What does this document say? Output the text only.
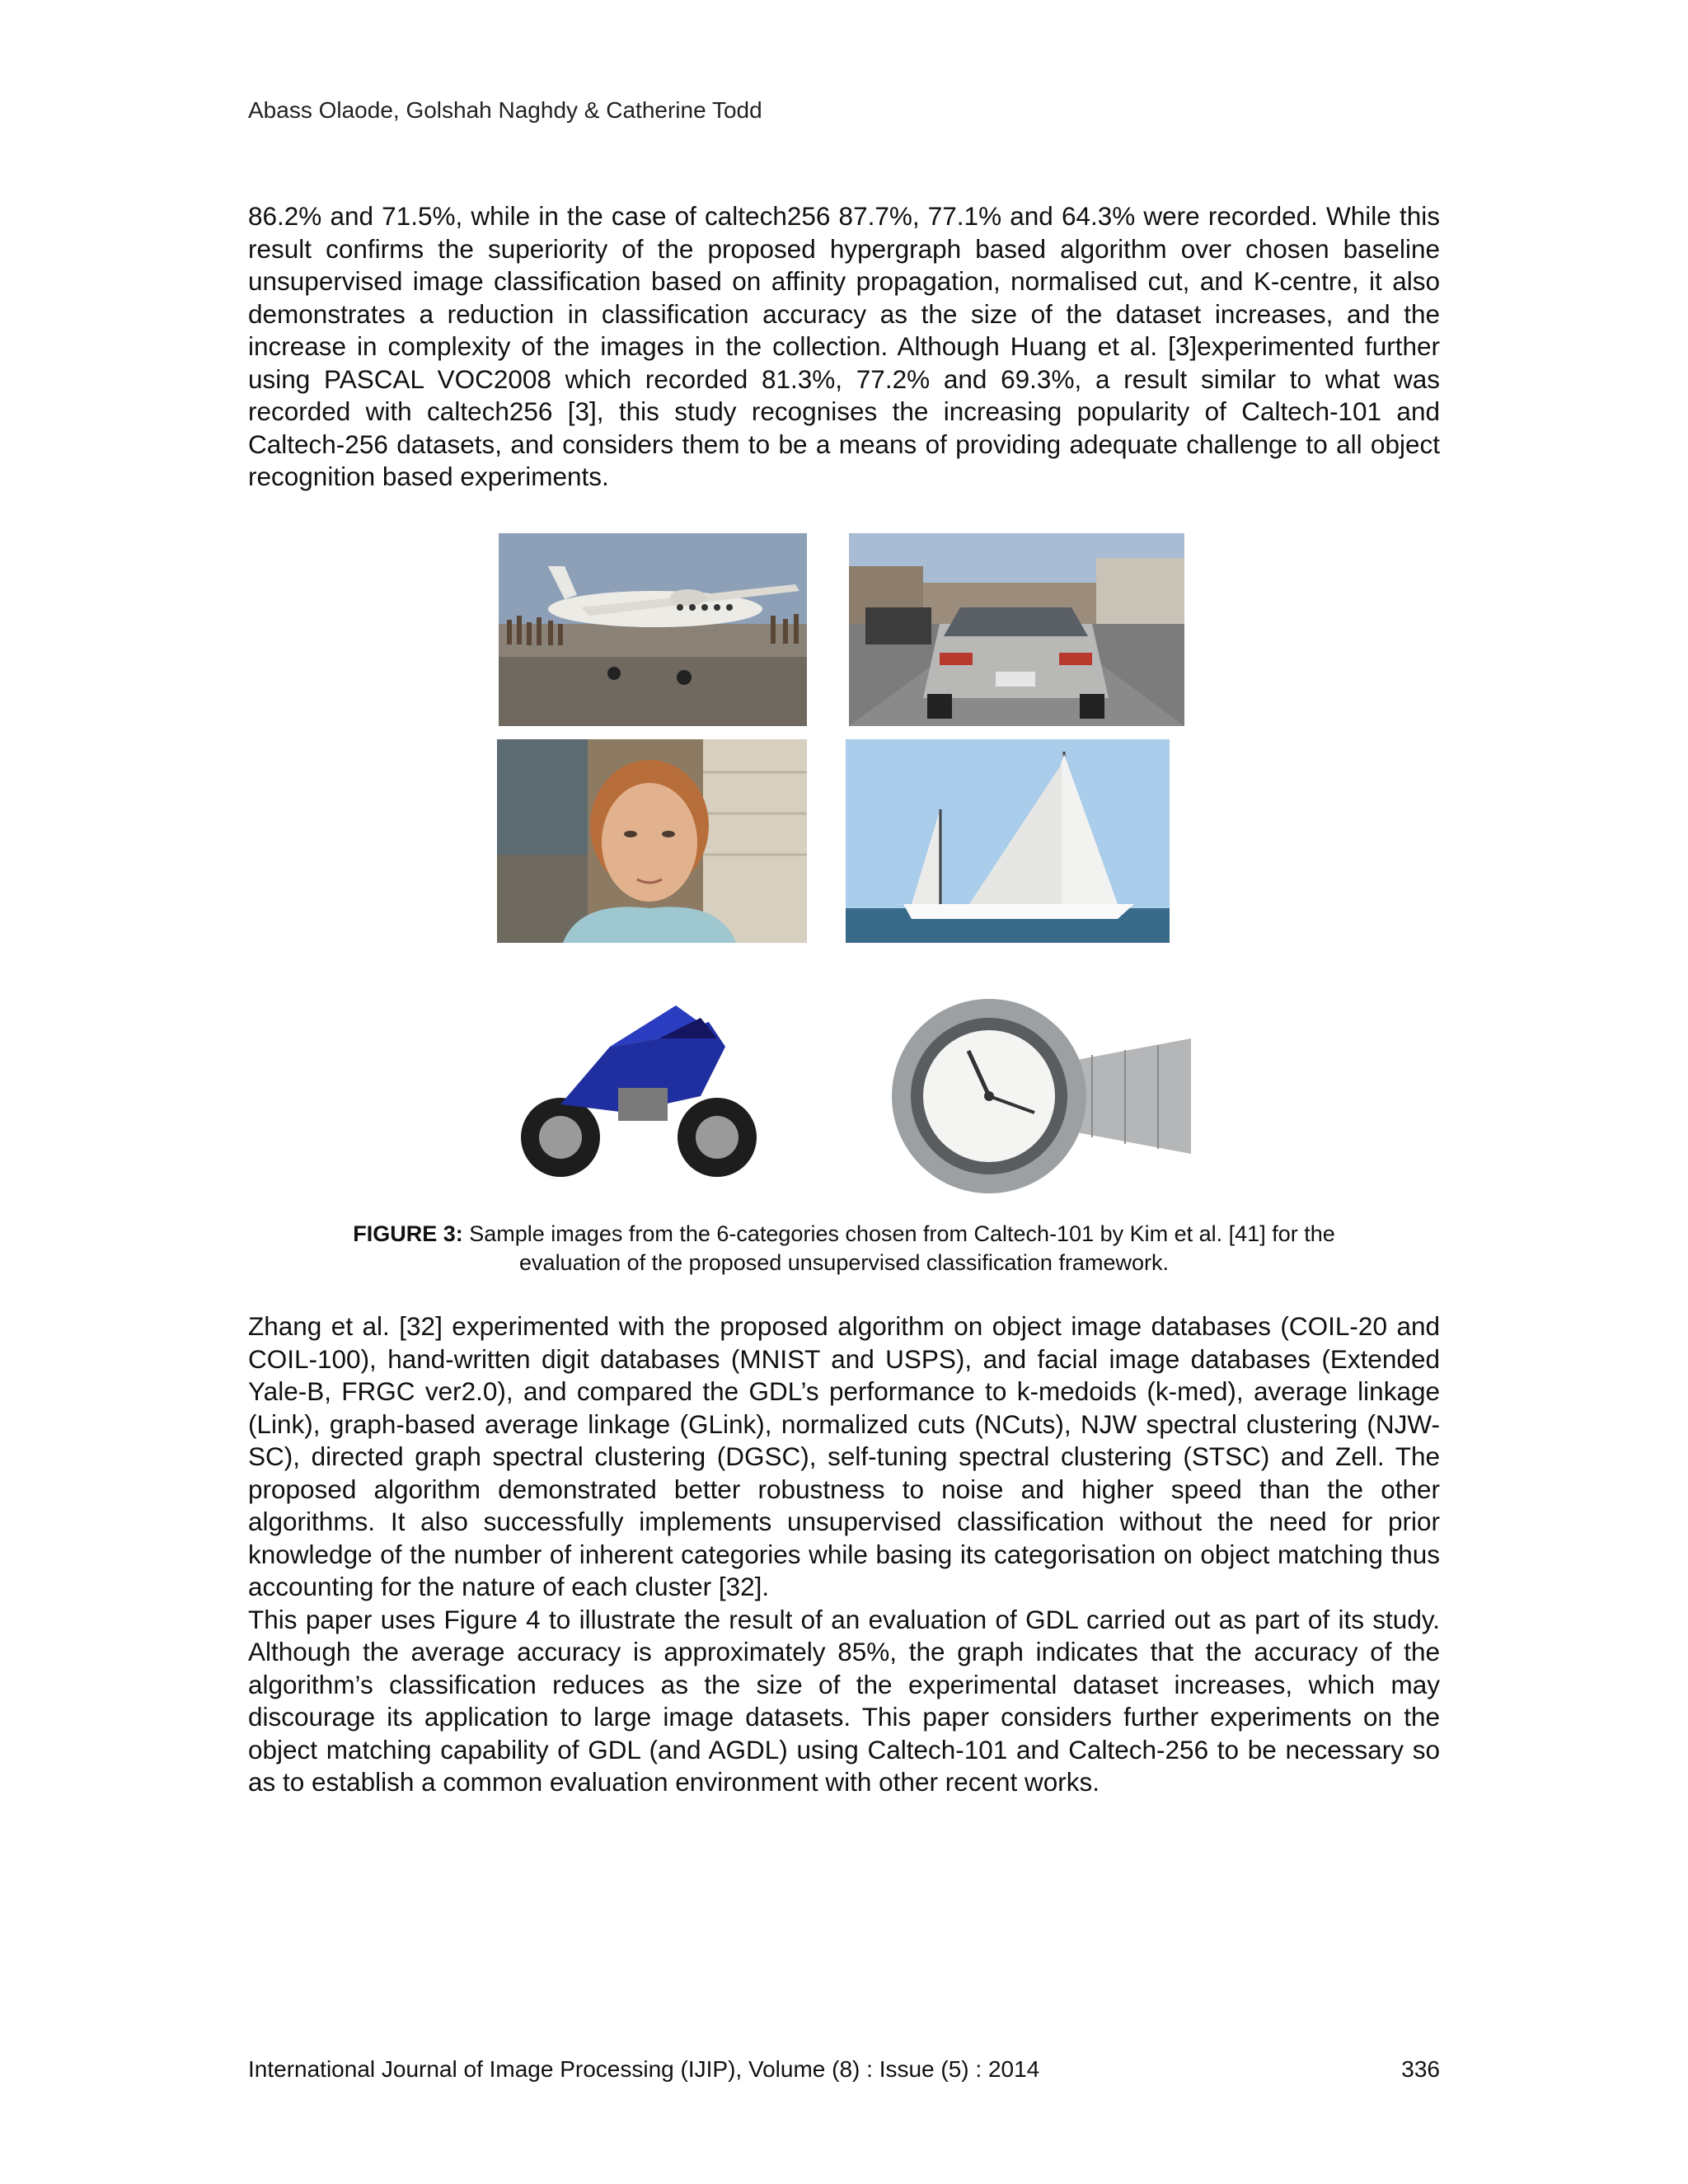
Abass Olaode, Golshah Naghdy & Catherine Todd

86.2% and 71.5%, while in the case of caltech256 87.7%, 77.1% and 64.3% were recorded. While this result confirms the superiority of the proposed hypergraph based algorithm over chosen baseline unsupervised image classification based on affinity propagation, normalised cut, and K-centre, it also demonstrates a reduction in classification accuracy as the size of the dataset increases, and the increase in complexity of the images in the collection. Although Huang et al. [3]experimented further using PASCAL VOC2008 which recorded 81.3%, 77.2% and 69.3%, a result similar to what was recorded with caltech256 [3], this study recognises the increasing popularity of Caltech-101 and Caltech-256 datasets, and considers them to be a means of providing adequate challenge to all object recognition based experiments.

FIGURE 3: Sample images from the 6-categories chosen from Caltech-101 by Kim et al. [41] for the
evaluation of the proposed unsupervised classification framework.
Zhang et al. [32] experimented with the proposed algorithm on object image databases (COIL-20 and COIL-100), hand-written digit databases (MNIST and USPS), and facial image databases (Extended Yale-B, FRGC ver2.0), and compared the GDL’s performance to k-medoids (k-med), average linkage (Link), graph-based average linkage (GLink), normalized cuts (NCuts), NJW spectral clustering (NJW-SC), directed graph spectral clustering (DGSC), self-tuning spectral clustering (STSC) and Zell. The proposed algorithm demonstrated better robustness to noise and higher speed than the other algorithms. It also successfully implements unsupervised classification without the need for prior knowledge of the number of inherent categories while basing its categorisation on object matching thus accounting for the nature of each cluster [32].
This paper uses Figure 4 to illustrate the result of an evaluation of GDL carried out as part of its study. Although the average accuracy is approximately 85%, the graph indicates that the accuracy of the algorithm’s classification reduces as the size of the experimental dataset increases, which may discourage its application to large image datasets. This paper considers further experiments on the object matching capability of GDL (and AGDL) using Caltech-101 and Caltech-256 to be necessary so as to establish a common evaluation environment with other recent works.
International Journal of Image Processing (IJIP), Volume (8) : Issue (5) : 2014	336
